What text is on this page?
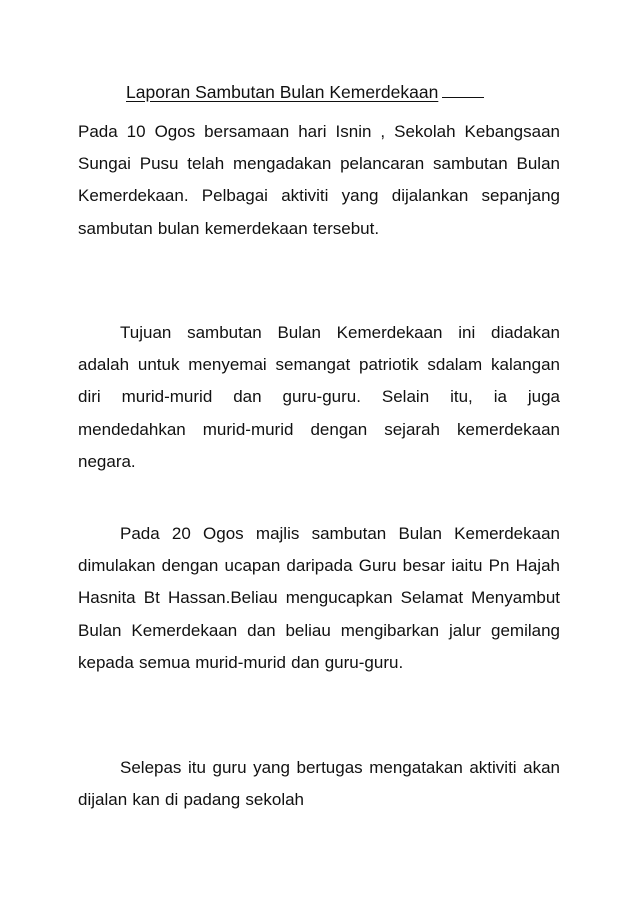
Laporan Sambutan Bulan Kemerdekaan

Pada 10 Ogos bersamaan hari Isnin , Sekolah Kebangsaan Sungai Pusu telah mengadakan pelancaran sambutan Bulan Kemerdekaan. Pelbagai aktiviti yang dijalankan sepanjang sambutan bulan kemerdekaan tersebut.

Tujuan sambutan Bulan Kemerdekaan ini diadakan adalah untuk menyemai semangat patriotik sdalam kalangan diri murid-murid dan guru-guru. Selain itu, ia juga mendedahkan murid-murid dengan sejarah kemerdekaan negara.

Pada 20 Ogos majlis sambutan Bulan Kemerdekaan dimulakan dengan ucapan daripada Guru besar iaitu Pn Hajah Hasnita Bt Hassan.Beliau mengucapkan Selamat Menyambut Bulan Kemerdekaan dan beliau mengibarkan jalur gemilang kepada semua murid-murid dan guru-guru.

Selepas itu guru yang bertugas mengatakan aktiviti akan dijalan kan di padang sekolah
